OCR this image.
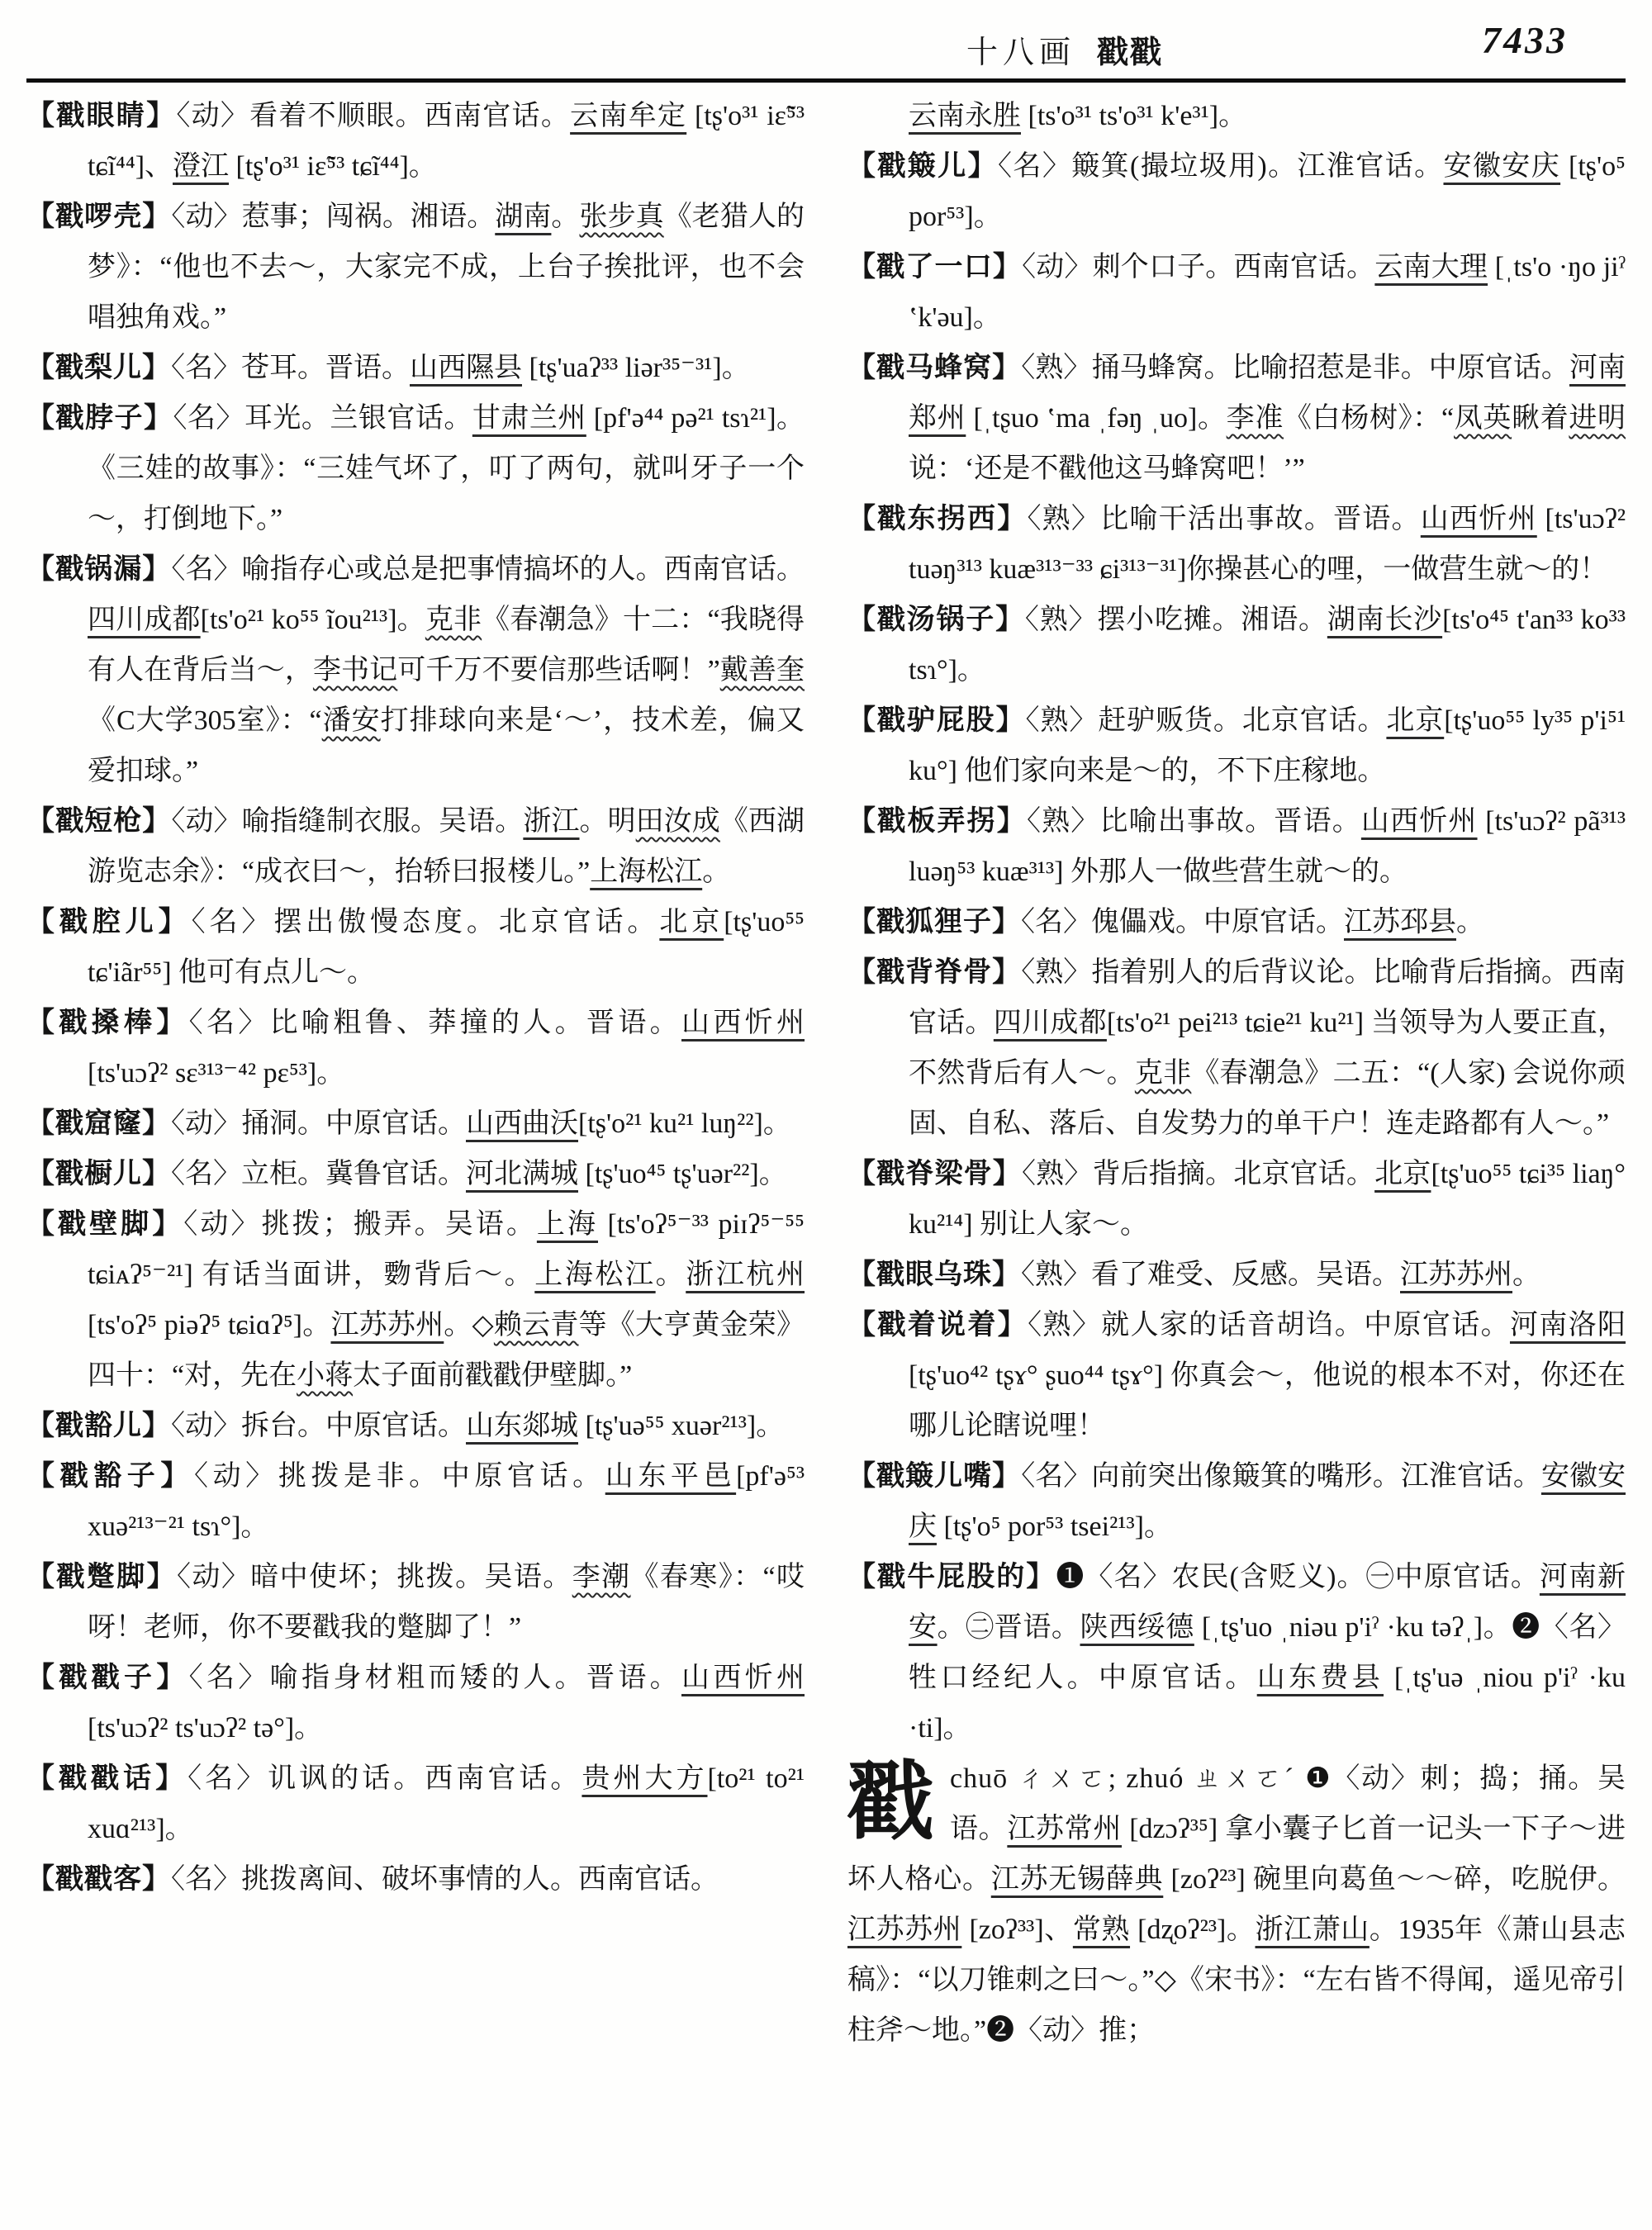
十八画 戳戳	7433
【戳眼睛】〈动〉看着不顺眼。西南官话。云南牟定 [tʂ'o³¹ iɛ̃⁵³ tɕĩ⁴⁴]、澄江 [tʂ'o³¹ iɛ̃⁵³ tɕĩ⁴⁴]。
【戳啰壳】〈动〉惹事；闯祸。湘语。湖南。张步真《老猎人的梦》：“他也不去～，大家完不成，上台子挨批评，也不会唱独角戏。”
【戳梨儿】〈名〉苍耳。晋语。山西隰县 [tʂ'uaʔ³³ liər³⁵⁻³¹]。
【戳脖子】〈名〉耳光。兰银官话。甘肃兰州 [pf'ə⁴⁴ pə²¹ tsɿ²¹]。《三娃的故事》：“三娃气坏了，叮了两句，就叫牙子一个～，打倒地下。”
【戳锅漏】〈名〉喻指存心或总是把事情搞坏的人。西南官话。四川成都[ts'o²¹ ko⁵⁵ ĩou²¹³]。克非《春潮急》十二：“我晓得有人在背后当～，李书记可千万不要信那些话啊！”戴善奎《C大学305室》：“潘安打排球向来是‘～’，技术差，偏又爱扣球。”
【戳短枪】〈动〉喻指缝制衣服。吴语。浙江。明田汝成《西湖游览志余》：“成衣曰～，抬轿曰报楼儿。”上海松江。
【戳腔儿】〈名〉摆出傲慢态度。北京官话。北京[tʂ'uo⁵⁵ tɕ'iãr⁵⁵] 他可有点儿～。
【戳搡棒】〈名〉比喻粗鲁、莽撞的人。晋语。山西忻州 [ts'uɔʔ² sɛ³¹³⁻⁴² pɛ⁵³]。
【戳窟窿】〈动〉捅洞。中原官话。山西曲沃[tʂ'o²¹ ku²¹ luŋ²²]。
【戳橱儿】〈名〉立柜。冀鲁官话。河北满城 [tʂ'uo⁴⁵ tʂ'uər²²]。
【戳壁脚】〈动〉挑拨；搬弄。吴语。上海 [ts'oʔ⁵⁻³³ piɪʔ⁵⁻⁵⁵ tɕiᴀʔ⁵⁻²¹] 有话当面讲，覅背后～。上海松江。浙江杭州 [ts'oʔ⁵ piəʔ⁵ tɕiɑʔ⁵]。江苏苏州。◇赖云青等《大亨黄金荣》四十：“对，先在小蒋太子面前戳戳伊壁脚。”
【戳豁儿】〈动〉拆台。中原官话。山东郯城 [tʂ'uə⁵⁵ xuər²¹³]。
【戳豁子】〈动〉挑拨是非。中原官话。山东平邑[pf'ə⁵³ xuə²¹³⁻²¹ tsɿ°]。
【戳蹩脚】〈动〉暗中使坏；挑拨。吴语。李潮《春寒》：“哎呀！老师，你不要戳我的蹩脚了！”
【戳戳子】〈名〉喻指身材粗而矮的人。晋语。山西忻州 [ts'uɔʔ² ts'uɔʔ² tə°]。
【戳戳话】〈名〉讥讽的话。西南官话。贵州大方[to²¹ to²¹ xuɑ²¹³]。
【戳戳客】〈名〉挑拨离间、破坏事情的人。西南官话。
云南永胜 [ts'o³¹ ts'o³¹ k'e³¹]。
【戳簸儿】〈名〉簸箕(撮垃圾用)。江淮官话。安徽安庆 [tʂ'o⁵ por⁵³]。
【戳了一口】〈动〉刺个口子。西南官话。云南大理 [ˌts'o ·ŋo jiˀ ʽk'əu]。
【戳马蜂窝】〈熟〉捅马蜂窝。比喻招惹是非。中原官话。河南郑州 [ˌtʂuo ʽma ˌfəŋ ˌuo]。李准《白杨树》：“凤英瞅着进明说：‘还是不戳他这马蜂窝吧！’”
【戳东拐西】〈熟〉比喻干活出事故。晋语。山西忻州 [ts'uɔʔ² tuəŋ³¹³ kuæ³¹³⁻³³ ɕi³¹³⁻³¹]你操甚心的哩，一做营生就～的！
【戳汤锅子】〈熟〉摆小吃摊。湘语。湖南长沙[ts'o⁴⁵ t'an³³ ko³³ tsɿ°]。
【戳驴屁股】〈熟〉赶驴贩货。北京官话。北京[tʂ'uo⁵⁵ ly³⁵ p'i⁵¹ ku°] 他们家向来是～的，不下庄稼地。
【戳板弄拐】〈熟〉比喻出事故。晋语。山西忻州 [ts'uɔʔ² pã³¹³ luəŋ⁵³ kuæ³¹³] 外那人一做些营生就～的。
【戳狐狸子】〈名〉傀儡戏。中原官话。江苏邳县。
【戳背脊骨】〈熟〉指着别人的后背议论。比喻背后指摘。西南官话。四川成都[ts'o²¹ pei²¹³ tɕie²¹ ku²¹] 当领导为人要正直，不然背后有人～。克非《春潮急》二五：“(人家) 会说你顽固、自私、落后、自发势力的单干户！连走路都有人～。”
【戳脊梁骨】〈熟〉背后指摘。北京官话。北京[tʂ'uo⁵⁵ tɕi³⁵ liaŋ° ku²¹⁴] 别让人家～。
【戳眼乌珠】〈熟〉看了难受、反感。吴语。江苏苏州。
【戳着说着】〈熟〉就人家的话音胡诌。中原官话。河南洛阳 [tʂ'uo⁴² tʂɤ° ʂuo⁴⁴ tʂɤ°] 你真会～，他说的根本不对，你还在哪儿论瞎说哩！
【戳簸儿嘴】〈名〉向前突出像簸箕的嘴形。江淮官话。安徽安庆 [tʂ'o⁵ por⁵³ tsei²¹³]。
【戳牛屁股的】❶〈名〉农民(含贬义)。㊀中原官话。河南新安。㊁晋语。陕西绥德 [ˌtʂ'uo ˌniəu p'iˀ ·ku təʔˌ]。❷〈名〉牲口经纪人。中原官话。山东费县 [ˌtʂ'uə ˌniou p'iˀ ·ku ·ti]。
戳chuō ㄔㄨㄛ; zhuó ㄓㄨㄛˊ ❶〈动〉刺；捣；捅。吴语。江苏常州 [dzɔʔ³⁵] 拿小囊子匕首一记头一下子～进坏人格心。江苏无锡薛典 [zoʔ²³] 碗里向葛鱼～～碎，吃脱伊。江苏苏州 [zoʔ³³]、常熟 [dʐoʔ²³]。浙江萧山。1935年《萧山县志稿》：“以刀锥刺之曰～。”◇《宋书》：“左右皆不得闻，遥见帝引柱斧～地。”❷〈动〉推；
